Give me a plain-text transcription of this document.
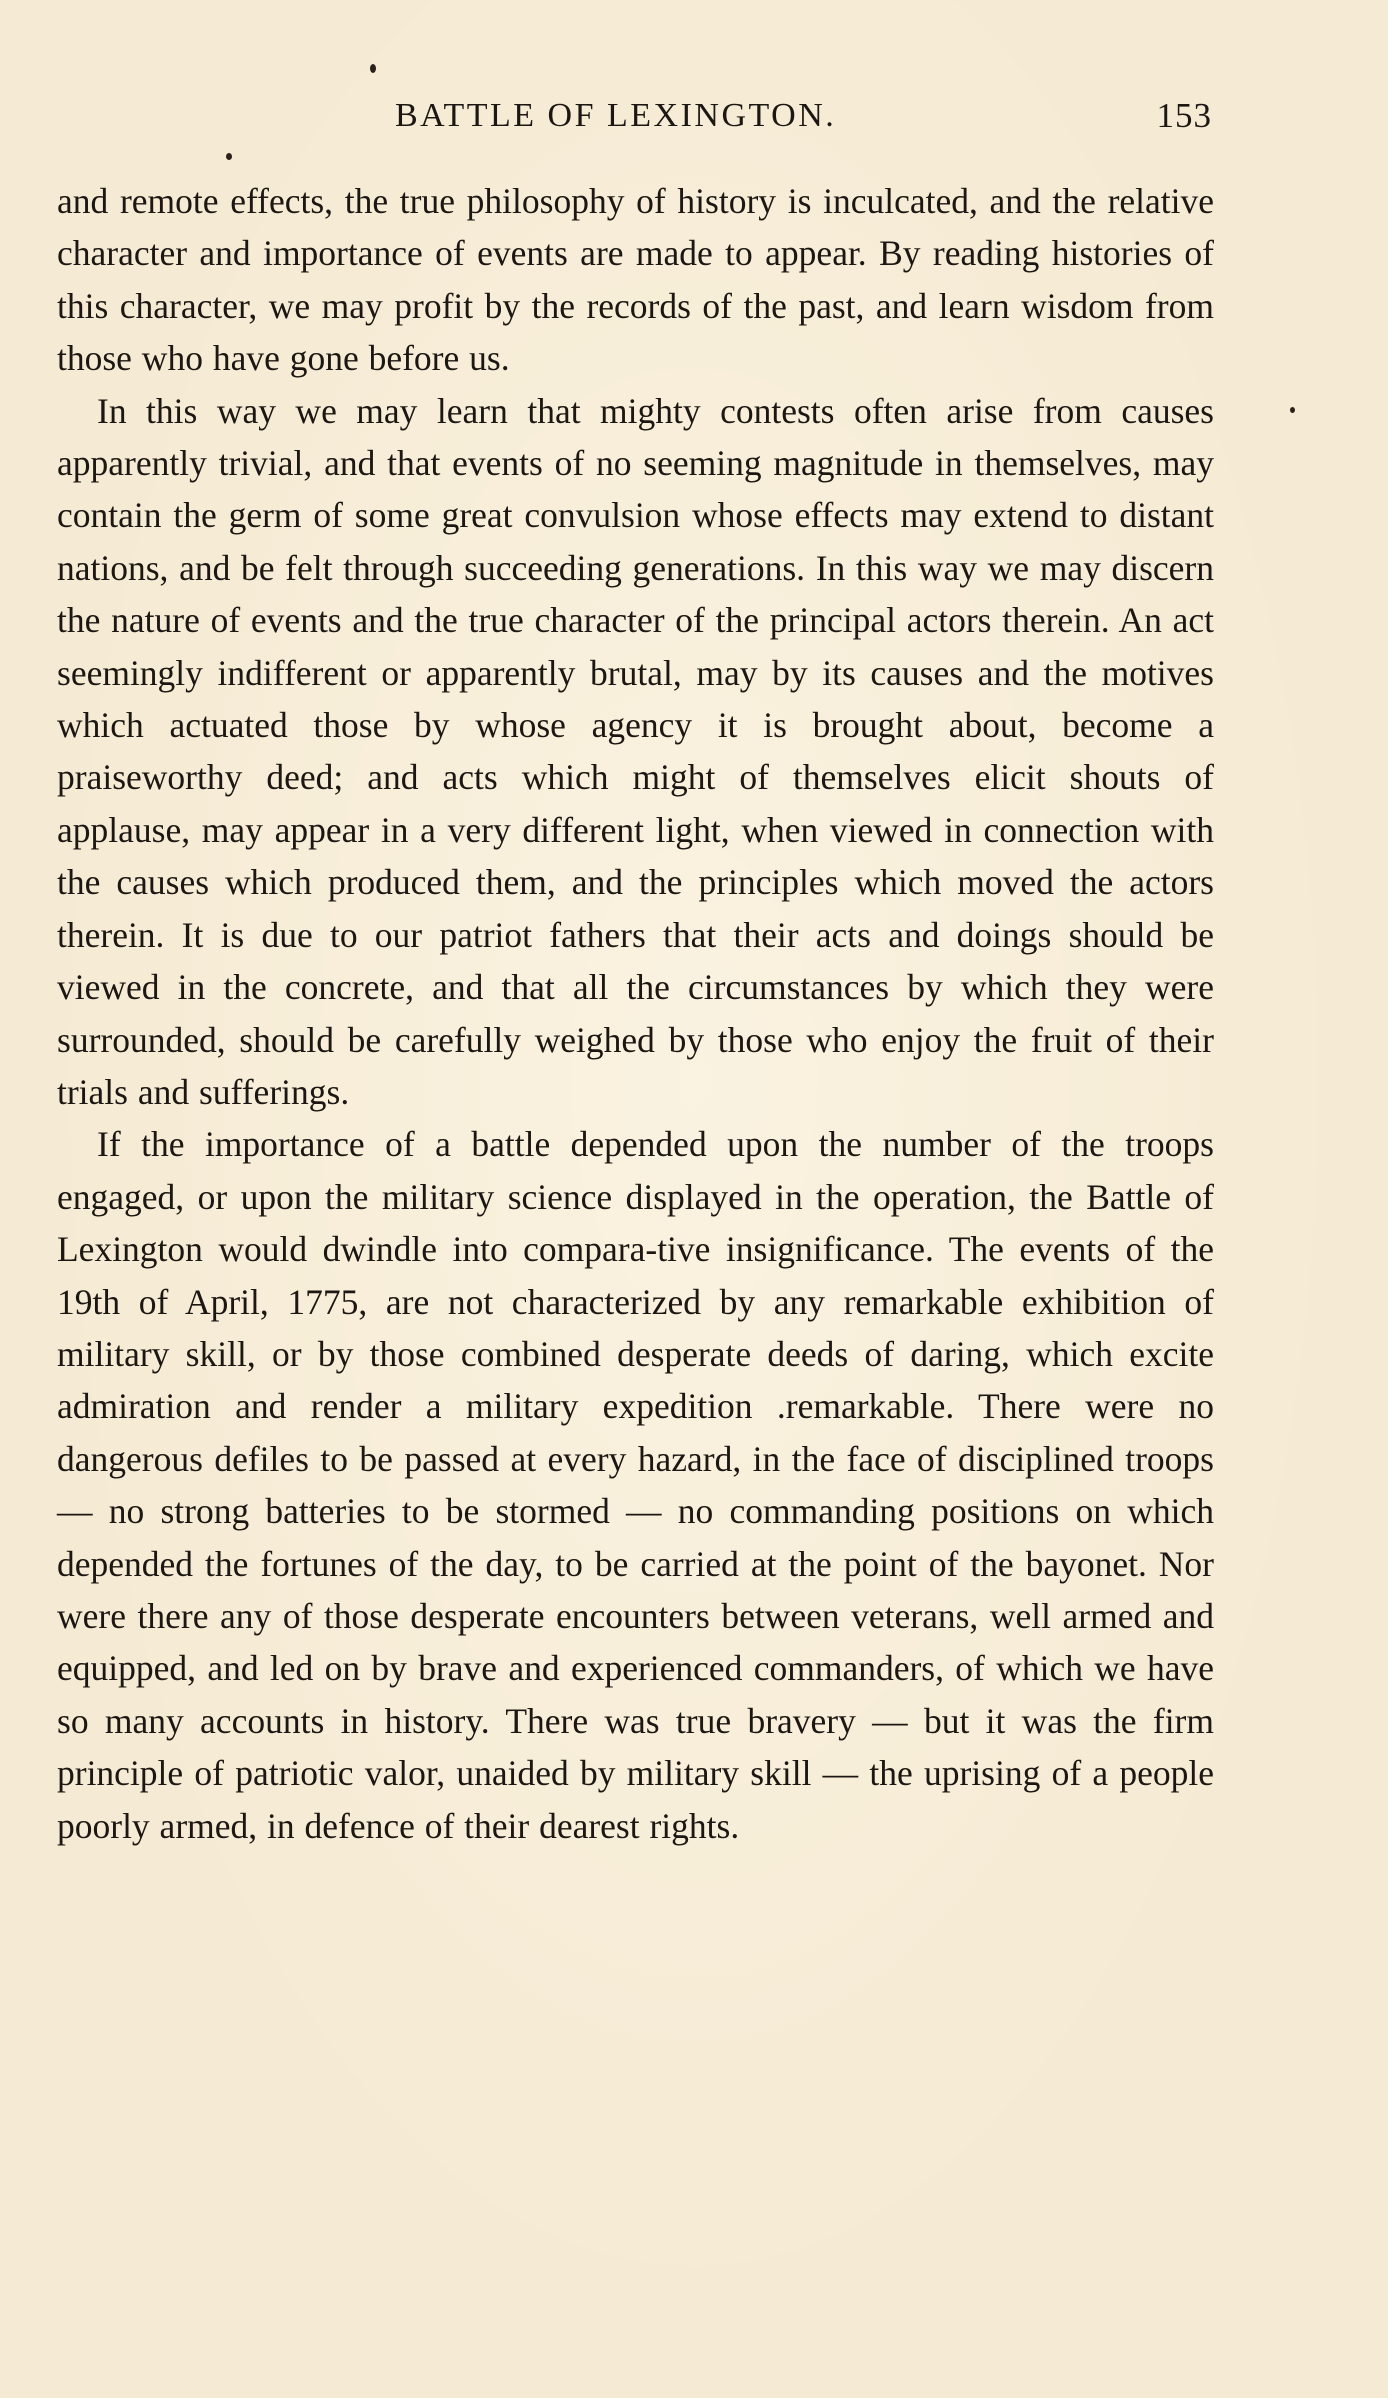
BATTLE OF LEXINGTON.	153

and remote effects, the true philosophy of history is inculcated, and the relative character and importance of events are made to appear. By reading histories of this character, we may profit by the records of the past, and learn wisdom from those who have gone before us.

In this way we may learn that mighty contests often arise from causes apparently trivial, and that events of no seeming magnitude in themselves, may contain the germ of some great convulsion whose effects may extend to distant nations, and be felt through succeeding generations. In this way we may discern the nature of events and the true character of the principal actors therein. An act seemingly indifferent or apparently brutal, may by its causes and the motives which actuated those by whose agency it is brought about, become a praiseworthy deed; and acts which might of themselves elicit shouts of applause, may appear in a very different light, when viewed in connection with the causes which produced them, and the principles which moved the actors therein. It is due to our patriot fathers that their acts and doings should be viewed in the concrete, and that all the circumstances by which they were surrounded, should be carefully weighed by those who enjoy the fruit of their trials and sufferings.

If the importance of a battle depended upon the number of the troops engaged, or upon the military science displayed in the operation, the Battle of Lexington would dwindle into compara-tive insignificance. The events of the 19th of April, 1775, are not characterized by any remarkable exhibition of military skill, or by those combined desperate deeds of daring, which excite admiration and render a military expedition .remarkable. There were no dangerous defiles to be passed at every hazard, in the face of disciplined troops — no strong batteries to be stormed — no commanding positions on which depended the fortunes of the day, to be carried at the point of the bayonet. Nor were there any of those desperate encounters between veterans, well armed and equipped, and led on by brave and experienced commanders, of which we have so many accounts in history. There was true bravery — but it was the firm principle of patriotic valor, unaided by military skill — the uprising of a people poorly armed, in defence of their dearest rights.
